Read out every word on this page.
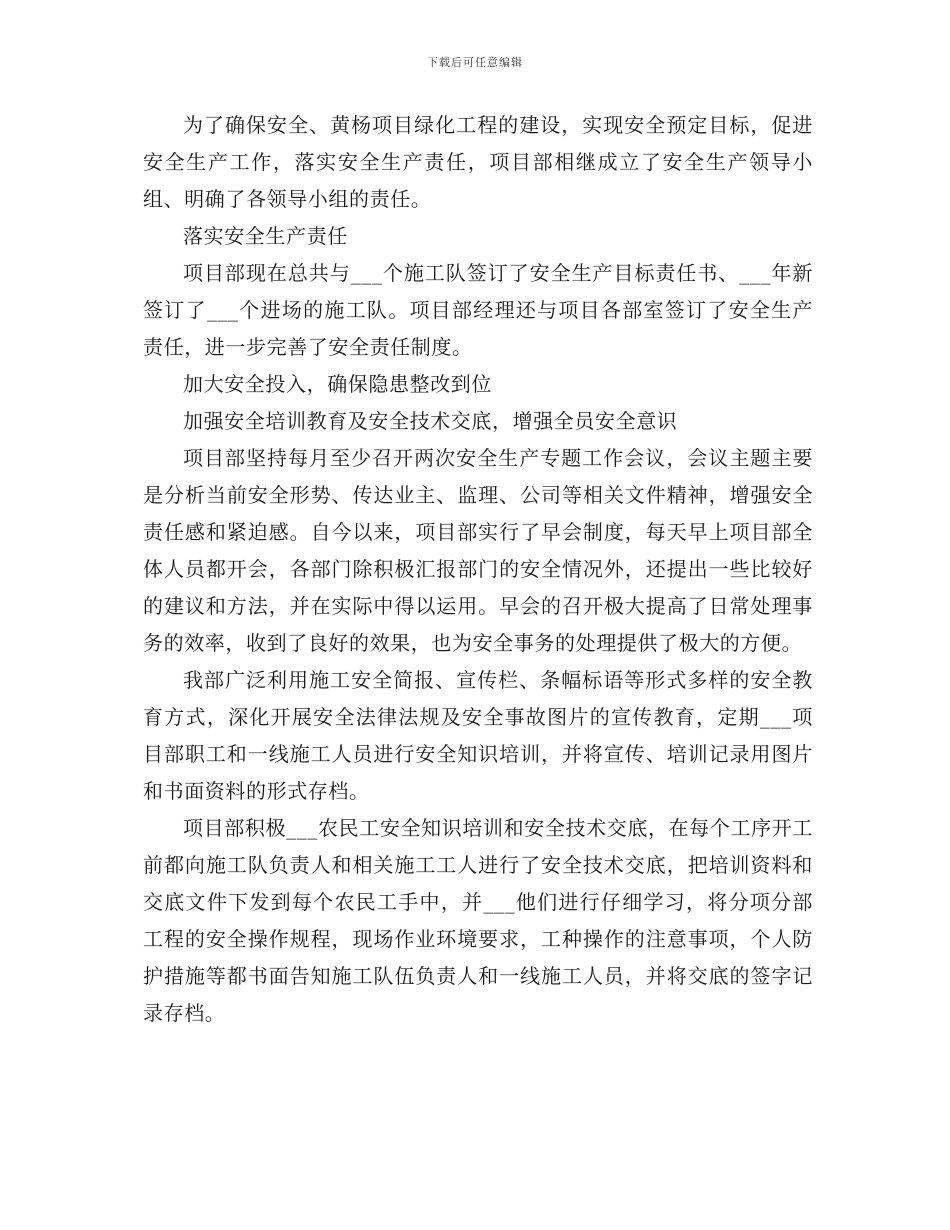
下载后可任意编辑

为了确保安全、黄杨项目绿化工程的建设，实现安全预定目标，促进安全生产工作，落实安全生产责任，项目部相继成立了安全生产领导小组、明确了各领导小组的责任。

落实安全生产责任

项目部现在总共与___个施工队签订了安全生产目标责任书、___年新签订了___个进场的施工队。项目部经理还与项目各部室签订了安全生产责任，进一步完善了安全责任制度。

加大安全投入，确保隐患整改到位

加强安全培训教育及安全技术交底，增强全员安全意识

项目部坚持每月至少召开两次安全生产专题工作会议，会议主题主要是分析当前安全形势、传达业主、监理、公司等相关文件精神，增强安全责任感和紧迫感。自今以来，项目部实行了早会制度，每天早上项目部全体人员都开会，各部门除积极汇报部门的安全情况外，还提出一些比较好的建议和方法，并在实际中得以运用。早会的召开极大提高了日常处理事务的效率，收到了良好的效果，也为安全事务的处理提供了极大的方便。

我部广泛利用施工安全简报、宣传栏、条幅标语等形式多样的安全教育方式，深化开展安全法律法规及安全事故图片的宣传教育，定期___项目部职工和一线施工人员进行安全知识培训，并将宣传、培训记录用图片和书面资料的形式存档。

项目部积极___农民工安全知识培训和安全技术交底，在每个工序开工前都向施工队负责人和相关施工工人进行了安全技术交底，把培训资料和交底文件下发到每个农民工手中，并___他们进行仔细学习，将分项分部工程的安全操作规程，现场作业环境要求，工种操作的注意事项，个人防护措施等都书面告知施工队伍负责人和一线施工人员，并将交底的签字记录存档。
